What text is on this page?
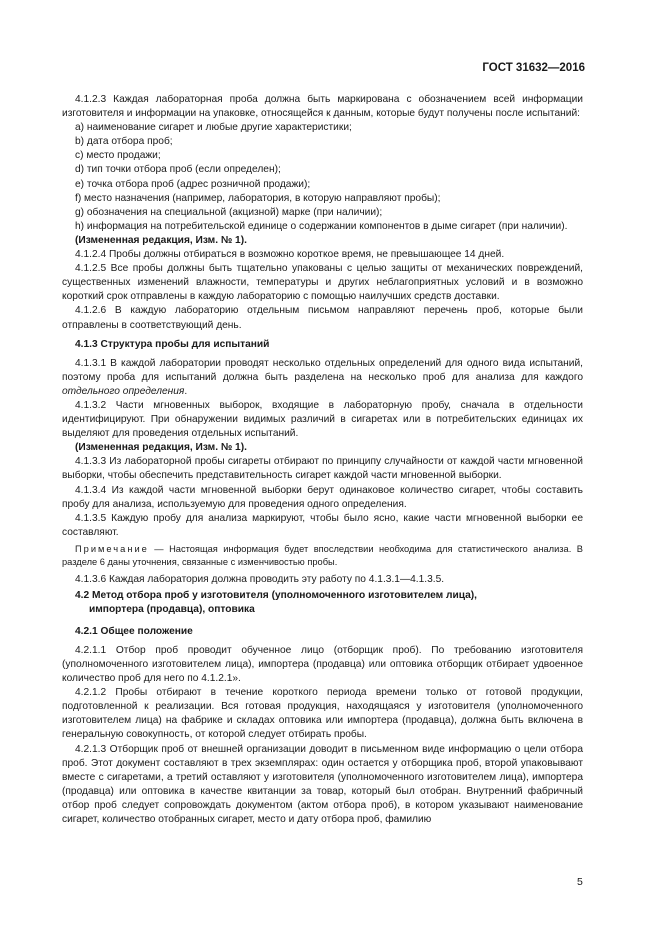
ГОСТ 31632—2016

4.1.2.3 Каждая лабораторная проба должна быть маркирована с обозначением всей информации изготовителя и информации на упаковке, относящейся к данным, которые будут получены после испытаний:

a) наименование сигарет и любые другие характеристики;

b) дата отбора проб;

c) место продажи;

d) тип точки отбора проб (если определен);

e) точка отбора проб (адрес розничной продажи);

f) место назначения (например, лаборатория, в которую направляют пробы);

g) обозначения на специальной (акцизной) марке (при наличии);

h) информация на потребительской единице о содержании компонентов в дыме сигарет (при наличии).

(Измененная редакция, Изм. № 1).

4.1.2.4 Пробы должны отбираться в возможно короткое время, не превышающее 14 дней.

4.1.2.5 Все пробы должны быть тщательно упакованы с целью защиты от механических повреждений, существенных изменений влажности, температуры и других неблагоприятных условий и в возможно короткий срок отправлены в каждую лабораторию с помощью наилучших средств доставки.

4.1.2.6 В каждую лабораторию отдельным письмом направляют перечень проб, которые были отправлены в соответствующий день.

4.1.3 Структура пробы для испытаний

4.1.3.1 В каждой лаборатории проводят несколько отдельных определений для одного вида испытаний, поэтому проба для испытаний должна быть разделена на несколько проб для анализа для каждого отдельного определения.

4.1.3.2 Части мгновенных выборок, входящие в лабораторную пробу, сначала в отдельности идентифицируют. При обнаружении видимых различий в сигаретах или в потребительских единицах их выделяют для проведения отдельных испытаний.

(Измененная редакция, Изм. № 1).

4.1.3.3 Из лабораторной пробы сигареты отбирают по принципу случайности от каждой части мгновенной выборки, чтобы обеспечить представительность сигарет каждой части мгновенной выборки.

4.1.3.4 Из каждой части мгновенной выборки берут одинаковое количество сигарет, чтобы составить пробу для анализа, используемую для проведения одного определения.

4.1.3.5 Каждую пробу для анализа маркируют, чтобы было ясно, какие части мгновенной выборки ее составляют.

Примечание — Настоящая информация будет впоследствии необходима для статистического анализа. В разделе 6 даны уточнения, связанные с изменчивостью пробы.

4.1.3.6 Каждая лаборатория должна проводить эту работу по 4.1.3.1—4.1.3.5.

4.2 Метод отбора проб у изготовителя (уполномоченного изготовителем лица),
импортера (продавца), оптовика

4.2.1 Общее положение

4.2.1.1 Отбор проб проводит обученное лицо (отборщик проб). По требованию изготовителя (уполномоченного изготовителем лица), импортера (продавца) или оптовика отборщик отбирает удвоенное количество проб для него по 4.1.2.1».

4.2.1.2 Пробы отбирают в течение короткого периода времени только от готовой продукции, подготовленной к реализации. Вся готовая продукция, находящаяся у изготовителя (уполномоченного изготовителем лица) на фабрике и складах оптовика или импортера (продавца), должна быть включена в генеральную совокупность, от которой следует отбирать пробы.

4.2.1.3 Отборщик проб от внешней организации доводит в письменном виде информацию о цели отбора проб. Этот документ составляют в трех экземплярах: один остается у отборщика проб, второй упаковывают вместе с сигаретами, а третий оставляют у изготовителя (уполномоченного изготовителем лица), импортера (продавца) или оптовика в качестве квитанции за товар, который был отобран. Внутренний фабричный отбор проб следует сопровождать документом (актом отбора проб), в котором указывают наименование сигарет, количество отобранных сигарет, место и дату отбора проб, фамилию

5
